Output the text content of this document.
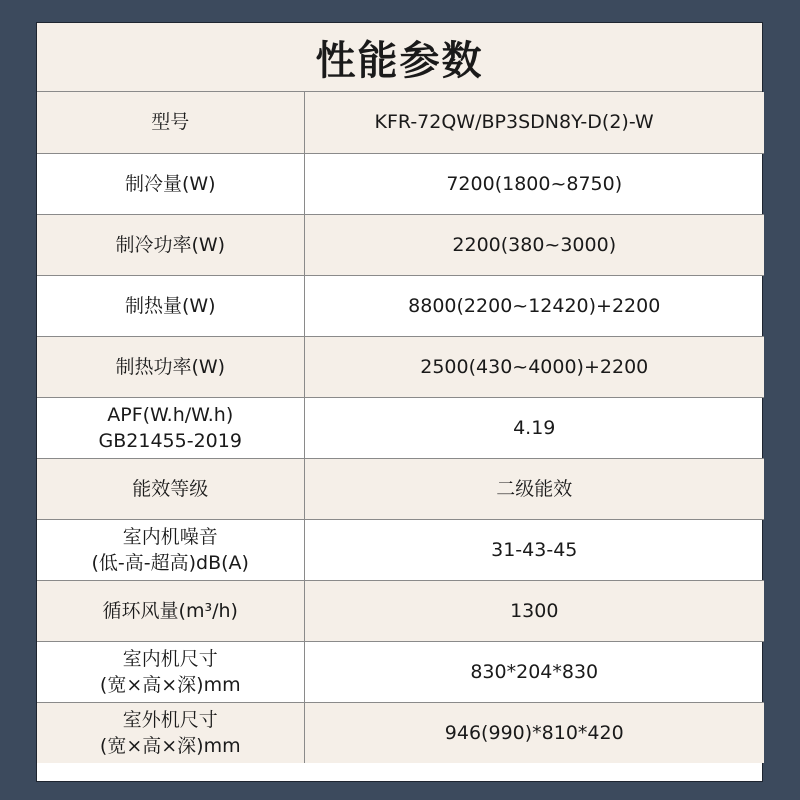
性能参数
型号	KFR-72QW/BP3SDN8Y-D(2)-W
制冷量(W)	7200(1800~8750)
制冷功率(W)	2200(380~3000)
制热量(W)	8800(2200~12420)+2200
制热功率(W)	2500(430~4000)+2200

APF(W.h/W.h)
GB21455-2019	4.19
能效等级	二级能效

室内机噪音
(低-高-超高)dB(A)	31-43-45
循环风量(m³/h)	1300

室内机尺寸
(宽×高×深)mm	830*204*830

室外机尺寸
(宽×高×深)mm	946(990)*810*420
